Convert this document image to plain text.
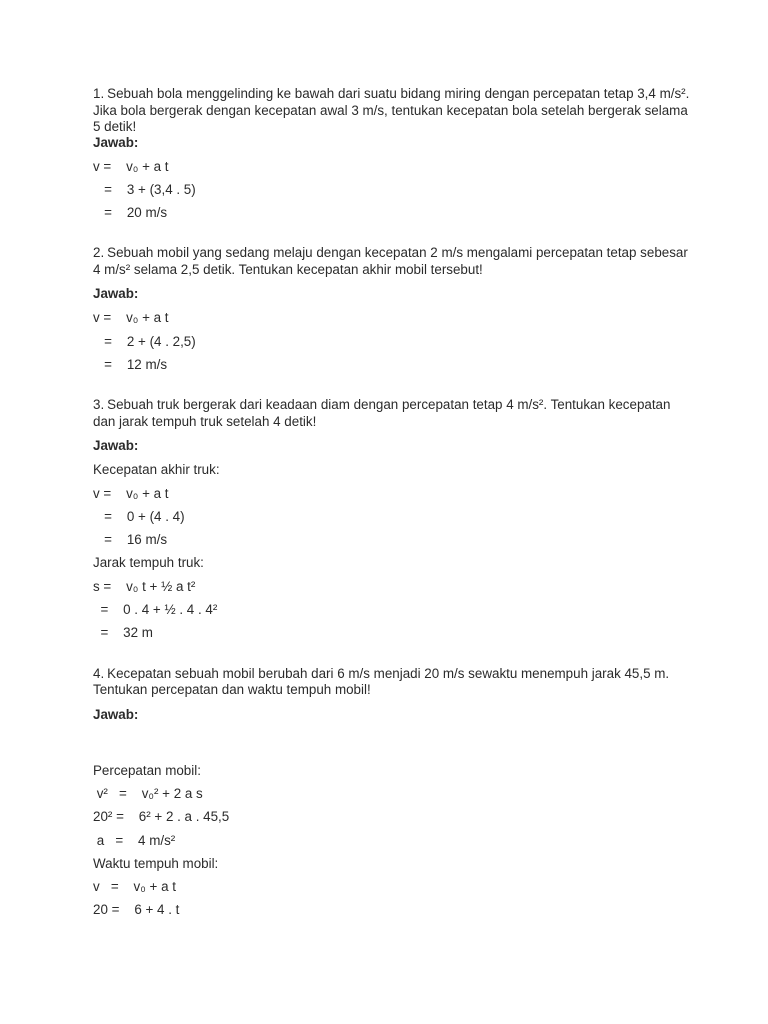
1. Sebuah bola menggelinding ke bawah dari suatu bidang miring dengan percepatan tetap 3,4 m/s². Jika bola bergerak dengan kecepatan awal 3 m/s, tentukan kecepatan bola setelah bergerak selama 5 detik!

Jawab:

v =    v₀ + a t

=    3 + (3,4 . 5)

=    20 m/s

2. Sebuah mobil yang sedang melaju dengan kecepatan 2 m/s mengalami percepatan tetap sebesar 4 m/s² selama 2,5 detik. Tentukan kecepatan akhir mobil tersebut!

Jawab:

v =    v₀ + a t

=    2 + (4 . 2,5)

=    12 m/s

3. Sebuah truk bergerak dari keadaan diam dengan percepatan tetap 4 m/s². Tentukan kecepatan dan jarak tempuh truk setelah 4 detik!

Jawab:

Kecepatan akhir truk:

v =    v₀ + a t

=    0 + (4 . 4)

=    16 m/s

Jarak tempuh truk:

s =    v₀ t + ½ a t²

=    0 . 4 + ½ . 4 . 4²

=    32 m

4. Kecepatan sebuah mobil berubah dari 6 m/s menjadi 20 m/s sewaktu menempuh jarak 45,5 m. Tentukan percepatan dan waktu tempuh mobil!

Jawab:

Percepatan mobil:

v²   =    v₀² + 2 a s

20² =    6² + 2 . a . 45,5

a   =    4 m/s²

Waktu tempuh mobil:

v   =    v₀ + a t

20 =    6 + 4 . t
